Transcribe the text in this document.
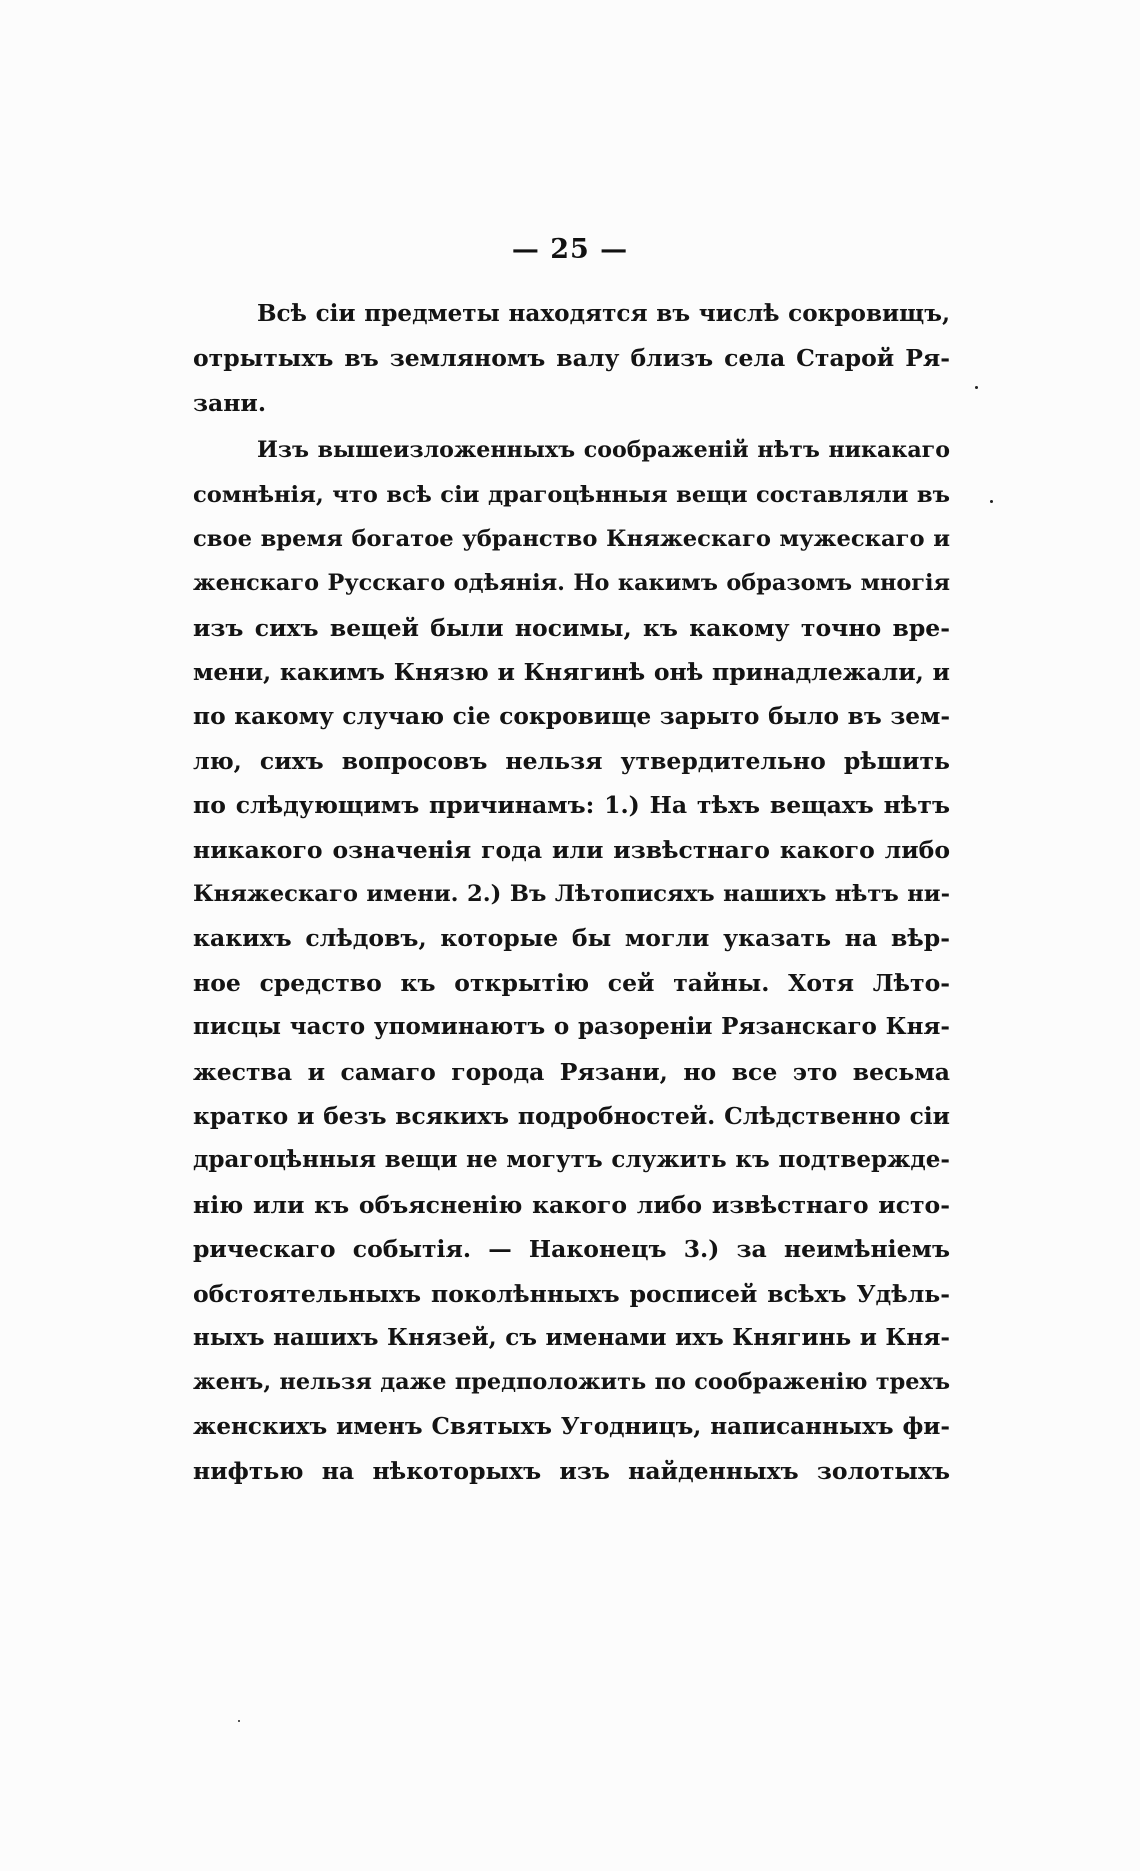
— 25 —
Всѣ сіи предметы находятся въ числѣ сокровищъ,
отрытыхъ въ земляномъ валу близъ села Старой Ря-
зани.
Изъ вышеизложенныхъ соображеній нѣтъ никакаго
сомнѣнія, что всѣ сіи драгоцѣнныя вещи составляли въ
свое время богатое убранство Княжескаго мужескаго и
женскаго Русскаго одѣянія. Но какимъ образомъ многія
изъ сихъ вещей были носимы, къ какому точно вре-
мени, какимъ Князю и Княгинѣ онѣ принадлежали, и
по какому случаю сіе сокровище зарыто было въ зем-
лю, сихъ вопросовъ нельзя утвердительно рѣшить
по слѣдующимъ причинамъ: 1.) На тѣхъ вещахъ нѣтъ
никакого означенія года или извѣстнаго какого либо
Княжескаго имени. 2.) Въ Лѣтописяхъ нашихъ нѣтъ ни-
какихъ слѣдовъ, которые бы могли указать на вѣр-
ное средство къ открытію сей тайны. Хотя Лѣто-
писцы часто упоминаютъ о разореніи Рязанскаго Кня-
жества и самаго города Рязани, но все это весьма
кратко и безъ всякихъ подробностей. Слѣдственно сіи
драгоцѣнныя вещи не могутъ служить къ подтвержде-
нію или къ объясненію какого либо извѣстнаго исто-
рическаго событія. — Наконецъ 3.) за неимѣніемъ
обстоятельныхъ поколѣнныхъ росписей всѣхъ Удѣль-
ныхъ нашихъ Князей, съ именами ихъ Княгинь и Кня-
женъ, нельзя даже предположить по соображенію трехъ
женскихъ именъ Святыхъ Угодницъ, написанныхъ фи-
нифтью на нѣкоторыхъ изъ найденныхъ золотыхъ
